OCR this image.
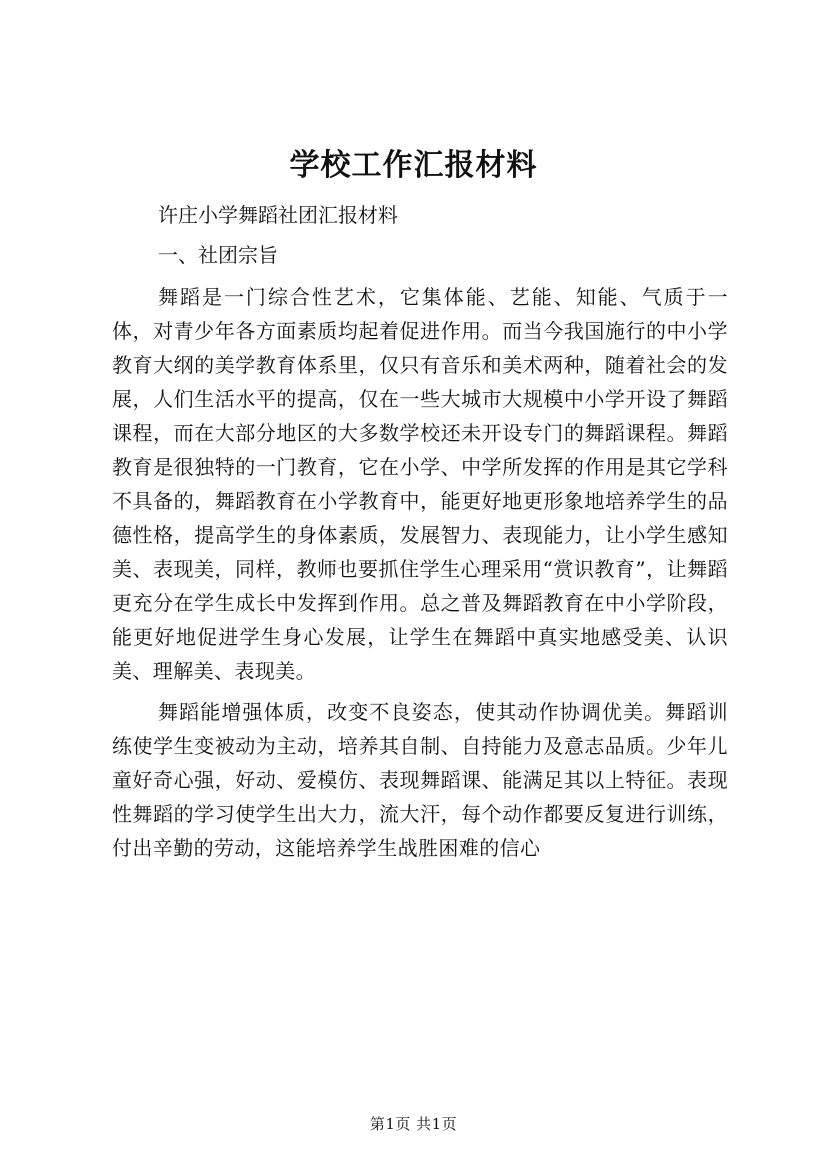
学校工作汇报材料
许庄小学舞蹈社团汇报材料
一、社团宗旨

舞蹈是一门综合性艺术，它集体能、艺能、知能、气质于一体，对青少年各方面素质均起着促进作用。而当今我国施行的中小学教育大纲的美学教育体系里，仅只有音乐和美术两种，随着社会的发展，人们生活水平的提高，仅在一些大城市大规模中小学开设了舞蹈课程，而在大部分地区的大多数学校还未开设专门的舞蹈课程。舞蹈教育是很独特的一门教育，它在小学、中学所发挥的作用是其它学科不具备的，舞蹈教育在小学教育中，能更好地更形象地培养学生的品德性格，提高学生的身体素质，发展智力、表现能力，让小学生感知美、表现美，同样，教师也要抓住学生心理采用“赏识教育”，让舞蹈更充分在学生成长中发挥到作用。总之普及舞蹈教育在中小学阶段，能更好地促进学生身心发展，让学生在舞蹈中真实地感受美、认识美、理解美、表现美。

舞蹈能增强体质，改变不良姿态，使其动作协调优美。舞蹈训练使学生变被动为主动，培养其自制、自持能力及意志品质。少年儿童好奇心强，好动、爱模仿、表现舞蹈课、能满足其以上特征。表现性舞蹈的学习使学生出大力，流大汗，每个动作都要反复进行训练，付出辛勤的劳动，这能培养学生战胜困难的信心

第1页 共1页
